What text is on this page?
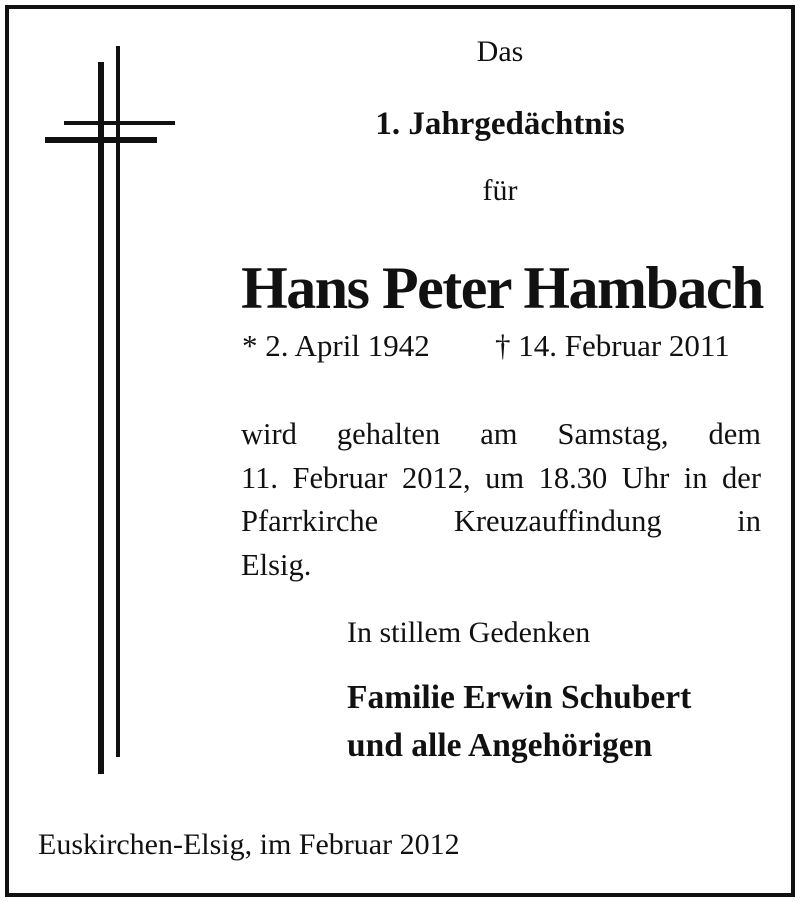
Das

1. Jahrgedächtnis

für

Hans Peter Hambach

* 2. April 1942 † 14. Februar 2011

wird gehalten am Samstag, dem
11. Februar 2012, um 18.30 Uhr in der
Pfarrkirche Kreuzauffindung in
Elsig.

In stillem Gedenken

Familie Erwin Schubert
und alle Angehörigen

Euskirchen-Elsig, im Februar 2012
